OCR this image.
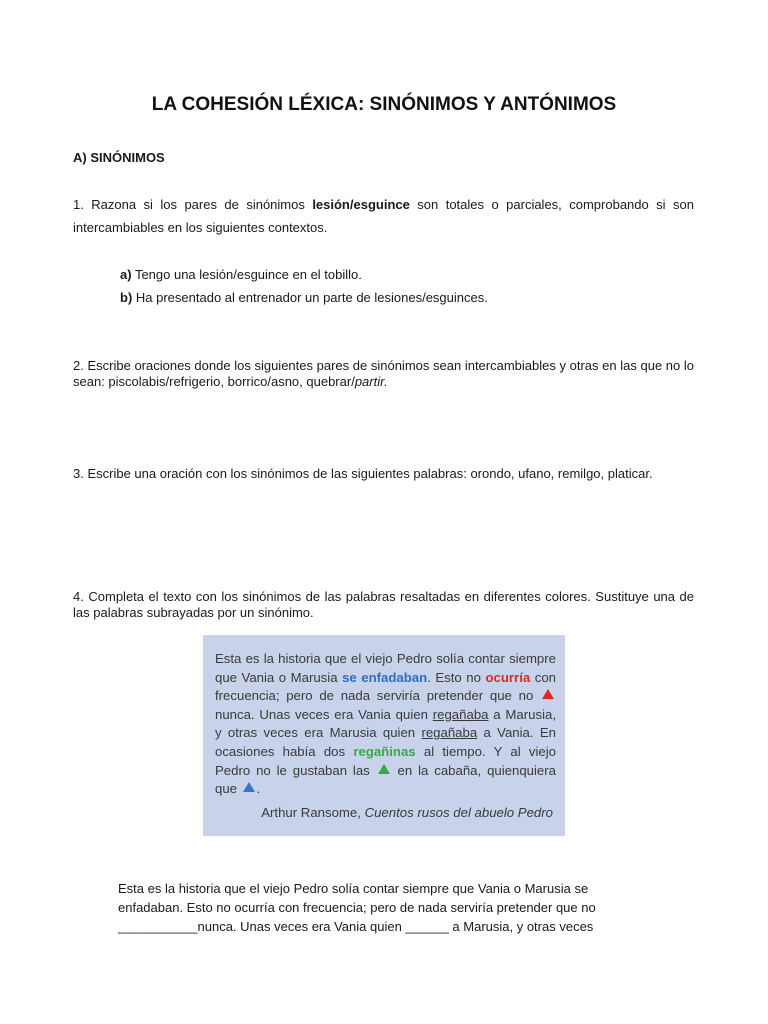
LA COHESIÓN LÉXICA: SINÓNIMOS Y ANTÓNIMOS
A) SINÓNIMOS

1. Razona si los pares de sinónimos lesión/esguince son totales o parciales, comprobando si son intercambiables en los siguientes contextos.

a) Tengo una lesión/esguince en el tobillo.
b) Ha presentado al entrenador un parte de lesiones/esguinces.

2. Escribe oraciones donde los siguientes pares de sinónimos sean intercambiables y otras en las que no lo sean: piscolabis/refrigerio, borrico/asno, quebrar/partir.

3. Escribe una oración con los sinónimos de las siguientes palabras: orondo, ufano, remilgo, platicar.

4. Completa el texto con los sinónimos de las palabras resaltadas en diferentes colores. Sustituye una de las palabras subrayadas por un sinónimo.

Esta es la historia que el viejo Pedro solía contar siempre que Vania o Marusia se enfadaban. Esto no ocurría con frecuencia; pero de nada serviría pretender que no  nunca. Unas veces era Vania quien regañaba a Marusia, y otras veces era Marusia quien regañaba a Vania. En ocasiones había dos regañinas al tiempo. Y al viejo Pedro no le gustaban las  en la cabaña, quienquiera que .

Arthur Ransome, Cuentos rusos del abuelo Pedro

Esta es la historia que el viejo Pedro solía contar siempre que Vania o Marusia se enfadaban. Esto no ocurría con frecuencia; pero de nada serviría pretender que no ___________nunca. Unas veces era Vania quien ______ a Marusia, y otras veces
